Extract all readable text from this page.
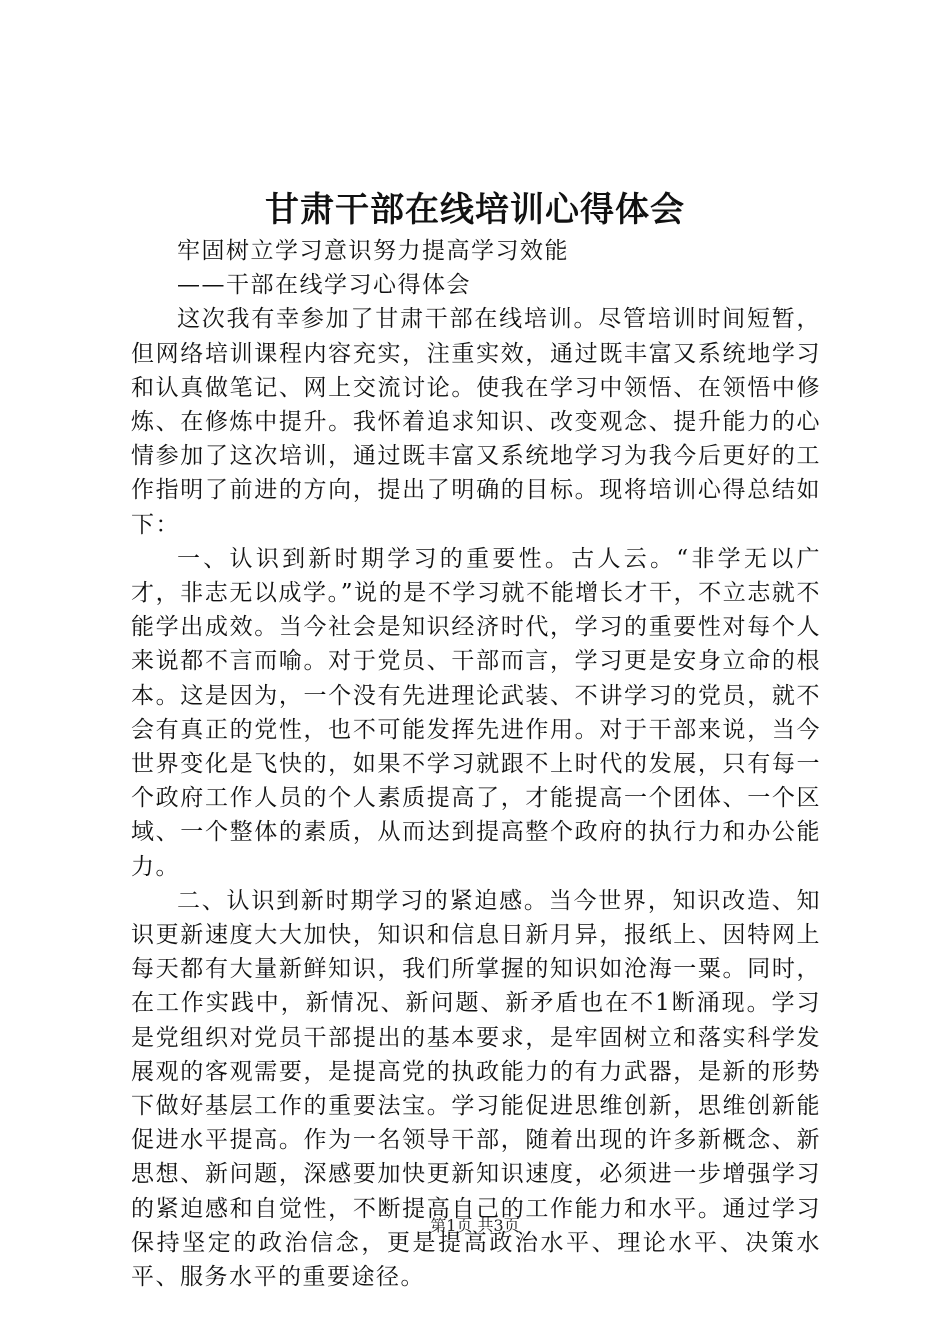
甘肃干部在线培训心得体会

牢固树立学习意识努力提高学习效能

——干部在线学习心得体会

这次我有幸参加了甘肃干部在线培训。尽管培训时间短暂，但网络培训课程内容充实，注重实效，通过既丰富又系统地学习和认真做笔记、网上交流讨论。使我在学习中领悟、在领悟中修炼、在修炼中提升。我怀着追求知识、改变观念、提升能力的心情参加了这次培训，通过既丰富又系统地学习为我今后更好的工作指明了前进的方向，提出了明确的目标。现将培训心得总结如下：

一、认识到新时期学习的重要性。古人云。“非学无以广才，非志无以成学。”说的是不学习就不能增长才干，不立志就不能学出成效。当今社会是知识经济时代，学习的重要性对每个人来说都不言而喻。对于党员、干部而言，学习更是安身立命的根本。这是因为，一个没有先进理论武装、不讲学习的党员，就不会有真正的党性，也不可能发挥先进作用。对于干部来说，当今世界变化是飞快的，如果不学习就跟不上时代的发展，只有每一个政府工作人员的个人素质提高了，才能提高一个团体、一个区域、一个整体的素质，从而达到提高整个政府的执行力和办公能力。

二、认识到新时期学习的紧迫感。当今世界，知识改造、知识更新速度大大加快，知识和信息日新月异，报纸上、因特网上每天都有大量新鲜知识，我们所掌握的知识如沧海一粟。同时，在工作实践中，新情况、新问题、新矛盾也在不1断涌现。学习是党组织对党员干部提出的基本要求，是牢固树立和落实科学发展观的客观需要，是提高党的执政能力的有力武器，是新的形势下做好基层工作的重要法宝。学习能促进思维创新，思维创新能促进水平提高。作为一名领导干部，随着出现的许多新概念、新思想、新问题，深感要加快更新知识速度，必须进一步增强学习的紧迫感和自觉性，不断提高自己的工作能力和水平。通过学习保持坚定的政治信念，更是提高政治水平、理论水平、决策水平、服务水平的重要途径。

第1页 共3页
